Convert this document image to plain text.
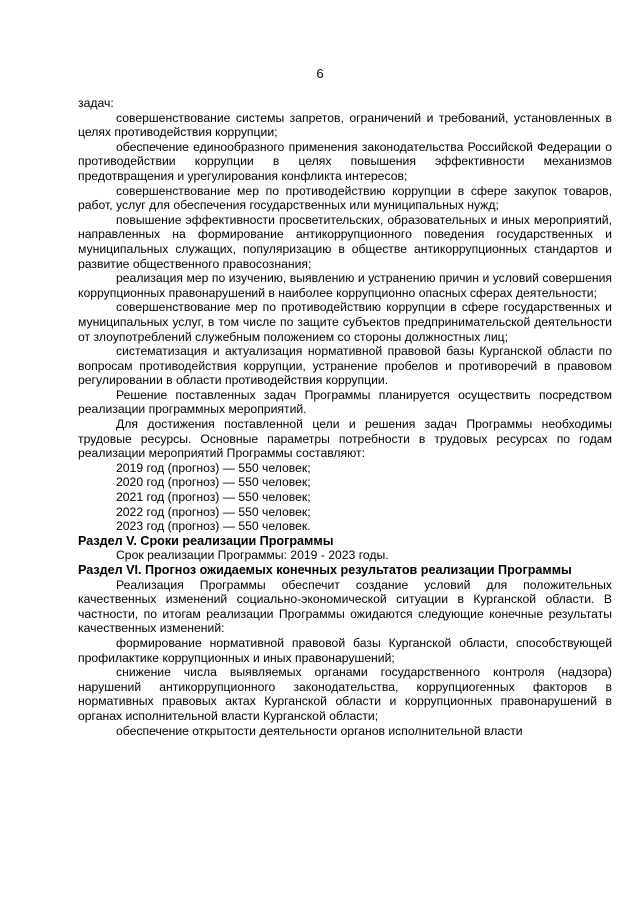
6

задач:

совершенствование системы запретов, ограничений и требований, установленных в целях противодействия коррупции;

обеспечение единообразного применения законодательства Российской Федерации о противодействии коррупции в целях повышения эффективности механизмов предотвращения и урегулирования конфликта интересов;

совершенствование мер по противодействию коррупции в сфере закупок товаров, работ, услуг для обеспечения государственных или муниципальных нужд;

повышение эффективности просветительских, образовательных и иных мероприятий, направленных на формирование антикоррупционного поведения государственных и муниципальных служащих, популяризацию в обществе антикоррупционных стандартов и развитие общественного правосознания;

реализация мер по изучению, выявлению и устранению причин и условий совершения коррупционных правонарушений в наиболее коррупционно опасных сферах деятельности;

совершенствование мер по противодействию коррупции в сфере государственных и муниципальных услуг, в том числе по защите субъектов предпринимательской деятельности от злоупотреблений служебным положением со стороны должностных лиц;

систематизация и актуализация нормативной правовой базы Курганской области по вопросам противодействия коррупции, устранение пробелов и противоречий в правовом регулировании в области противодействия коррупции.

Решение поставленных задач Программы планируется осуществить посредством реализации программных мероприятий.

Для достижения поставленной цели и решения задач Программы необходимы трудовые ресурсы. Основные параметры потребности в трудовых ресурсах по годам реализации мероприятий Программы составляют:

2019 год (прогноз) — 550 человек;
2020 год (прогноз) — 550 человек;
2021 год (прогноз) — 550 человек;
2022 год (прогноз) — 550 человек;
2023 год (прогноз) — 550 человек.

Раздел V. Сроки реализации Программы

Срок реализации Программы: 2019 - 2023 годы.

Раздел VI. Прогноз ожидаемых конечных результатов реализации Программы

Реализация Программы обеспечит создание условий для положительных качественных изменений социально-экономической ситуации в Курганской области. В частности, по итогам реализации Программы ожидаются следующие конечные результаты качественных изменений:

формирование нормативной правовой базы Курганской области, способствующей профилактике коррупционных и иных правонарушений;

снижение числа выявляемых органами государственного контроля (надзора) нарушений антикоррупционного законодательства, коррупциогенных факторов в нормативных правовых актах Курганской области и коррупционных правонарушений в органах исполнительной власти Курганской области;

обеспечение открытости деятельности органов исполнительной власти
